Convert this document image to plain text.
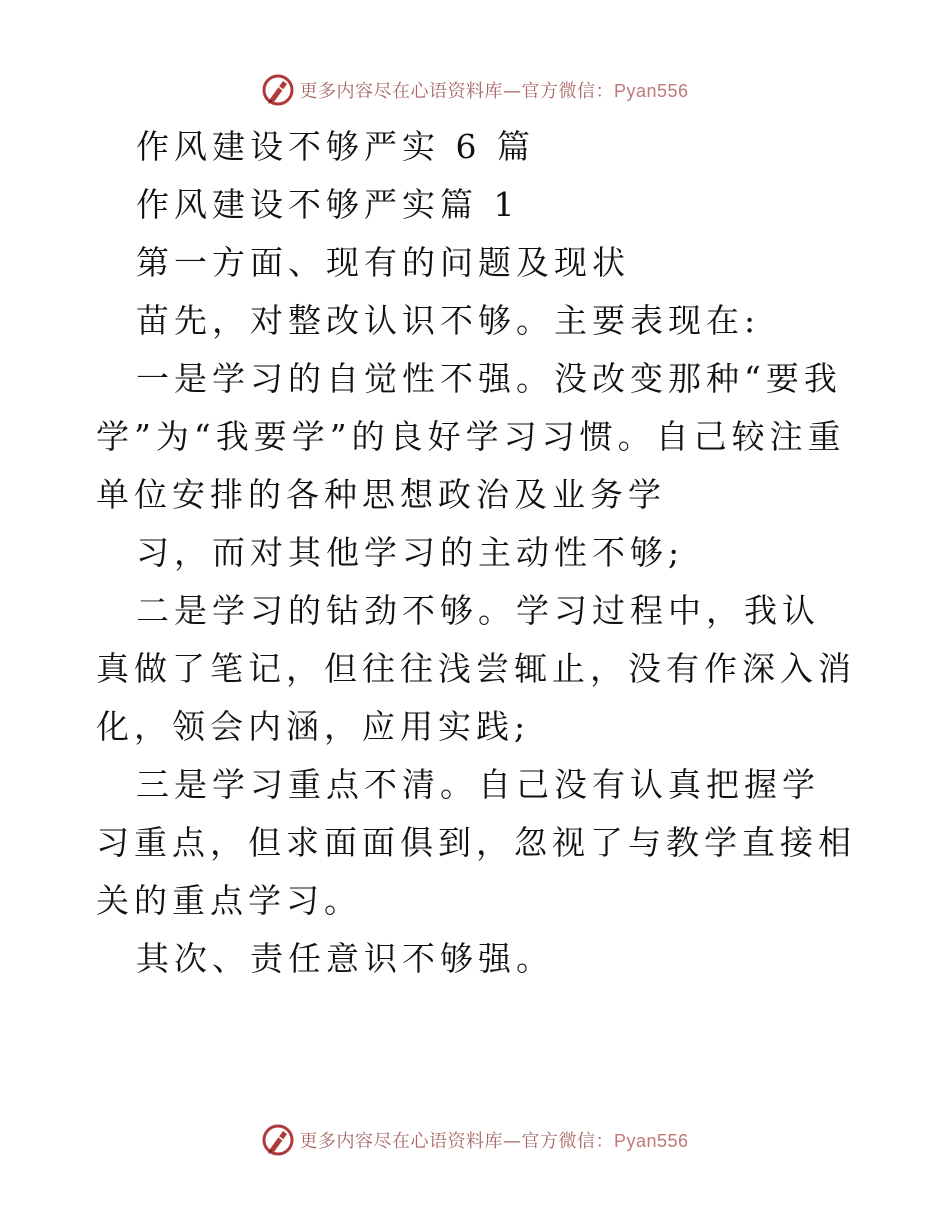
更多内容尽在心语资料库—官方微信：Pyan556

作风建设不够严实 6 篇

作风建设不够严实篇 1

第一方面、现有的问题及现状

苗先，对整改认识不够。主要表现在:

一是学习的自觉性不强。没改变那种“要我学”为“我要学”的良好学习习惯。自己较注重单位安排的各种思想政治及业务学

习，而对其他学习的主动性不够;

二是学习的钻劲不够。学习过程中，我认真做了笔记，但往往浅尝辄止，没有作深入消化，领会内涵，应用实践;

三是学习重点不清。自己没有认真把握学习重点，但求面面俱到，忽视了与教学直接相关的重点学习。

其次、责任意识不够强。

更多内容尽在心语资料库—官方微信：Pyan556
